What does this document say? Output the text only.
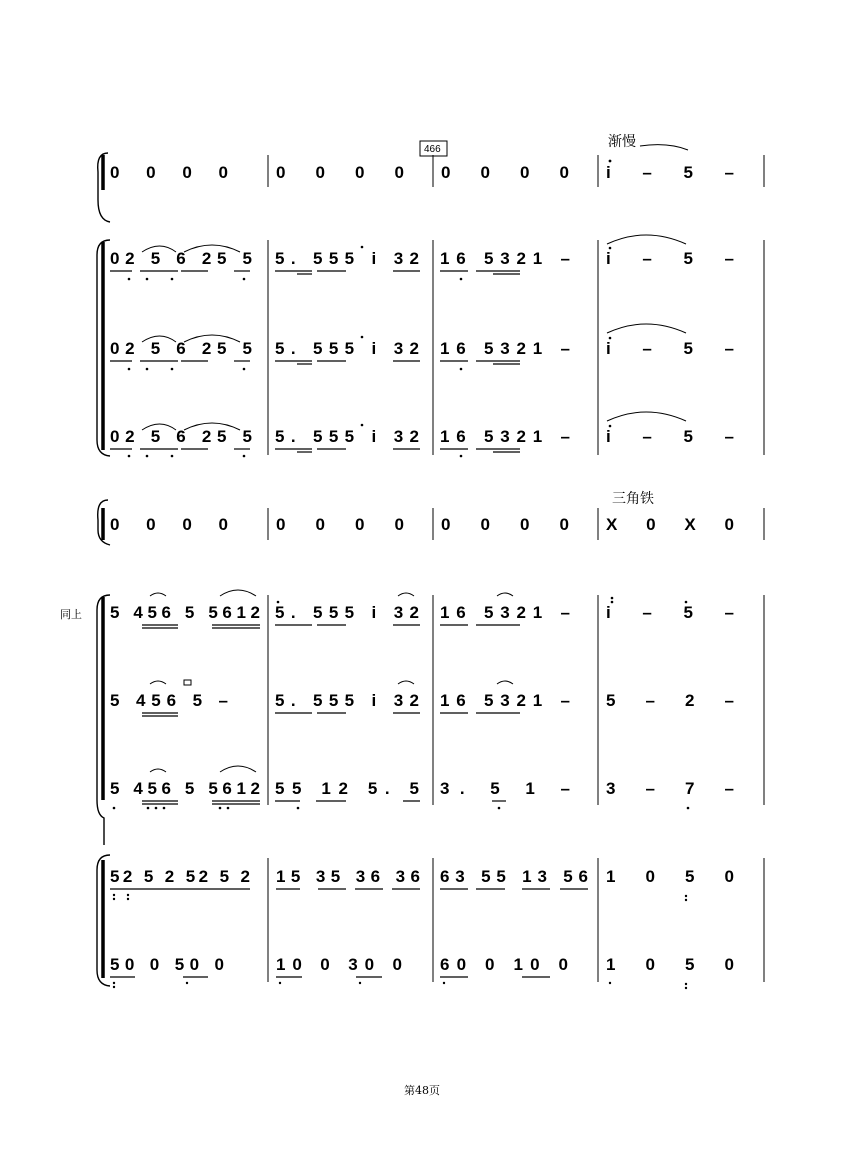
466	渐慢
三角铁
同上
第48页
0 0 0 0	0 0 0 0 0 0 0 0 i – 5 –
02 5 6 25 5 5. 555 i 32 16 5321 – i – 5 –
02 5 6 25 5 5. 555 i 32 16 5321 – i – 5 –
02 5 6 25 5 5. 555 i 32 16 5321 – i – 5 –
0 0 0 0	0 0 0 0 0 0 0 0 X 0 X 0
5 456 5 5612 5. 555 i 32 16 5321 – i – 5 –
5 456 5 –	5. 555 i 32 16 5321 – 5 – 2 –
5 456 5 5612 55 12 5. 5 3. 5 1 – 3 – 7 –
52 5 2 52 5 2 15 35 36 36 63 55 13 56 1 0 5 0
50 0 50 0	10 0 30 0 60 0 10 0 1 0 5 0
